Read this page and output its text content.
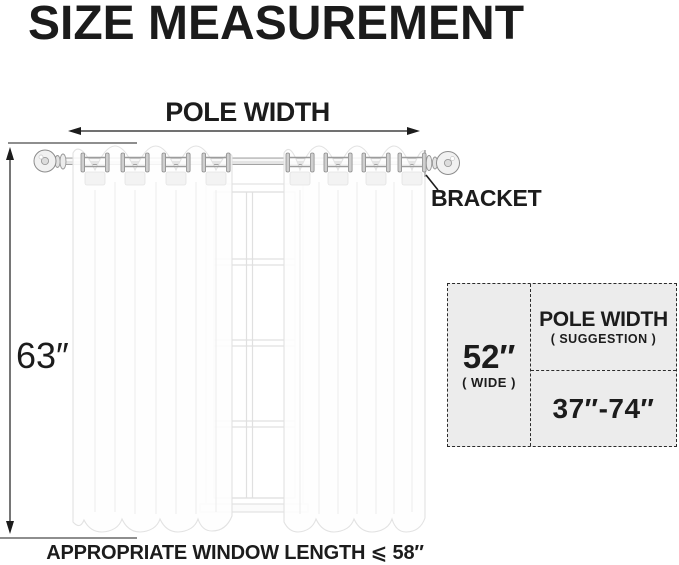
SIZE MEASUREMENT
POLE WIDTH
BRACKET
63″
APPROPRIATE WINDOW LENGTH ⩽ 58″
52″
( WIDE )
POLE WIDTH
( SUGGESTION )
37″-74″
